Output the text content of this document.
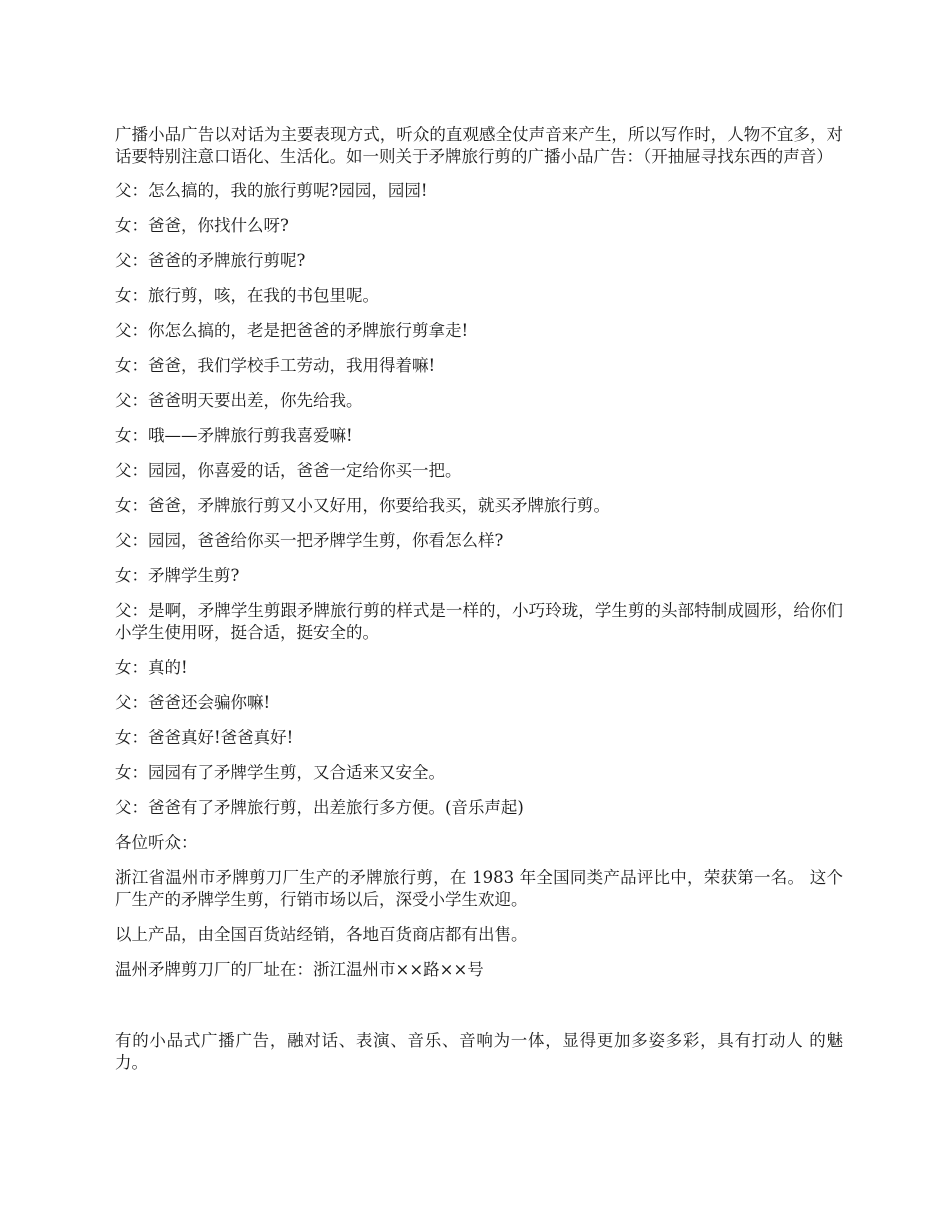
广播小品广告以对话为主要表现方式，听众的直观感全仗声音来产生，所以写作时，人物不宜多，对话要特别注意口语化、生活化。如一则关于矛牌旅行剪的广播小品广告：（开抽屉寻找东西的声音）

父：怎么搞的，我的旅行剪呢?园园，园园!

女：爸爸，你找什么呀?

父：爸爸的矛牌旅行剪呢?

女：旅行剪，咳，在我的书包里呢。

父：你怎么搞的，老是把爸爸的矛牌旅行剪拿走!

女：爸爸，我们学校手工劳动，我用得着嘛!

父：爸爸明天要出差，你先给我。

女：哦——矛牌旅行剪我喜爱嘛!

父：园园，你喜爱的话，爸爸一定给你买一把。

女：爸爸，矛牌旅行剪又小又好用，你要给我买，就买矛牌旅行剪。

父：园园，爸爸给你买一把矛牌学生剪，你看怎么样?

女：矛牌学生剪?

父：是啊，矛牌学生剪跟矛牌旅行剪的样式是一样的，小巧玲珑，学生剪的头部特制成圆形，给你们小学生使用呀，挺合适，挺安全的。

女：真的!

父：爸爸还会骗你嘛!

女：爸爸真好!爸爸真好!

女：园园有了矛牌学生剪，又合适来又安全。

父：爸爸有了矛牌旅行剪，出差旅行多方便。(音乐声起)

各位听众：

浙江省温州市矛牌剪刀厂生产的矛牌旅行剪，在 1983 年全国同类产品评比中，荣获第一名。 这个厂生产的矛牌学生剪，行销市场以后，深受小学生欢迎。

以上产品，由全国百货站经销，各地百货商店都有出售。

温州矛牌剪刀厂的厂址在：浙江温州市××路××号

有的小品式广播广告，融对话、表演、音乐、音响为一体，显得更加多姿多彩，具有打动人 的魅力。
